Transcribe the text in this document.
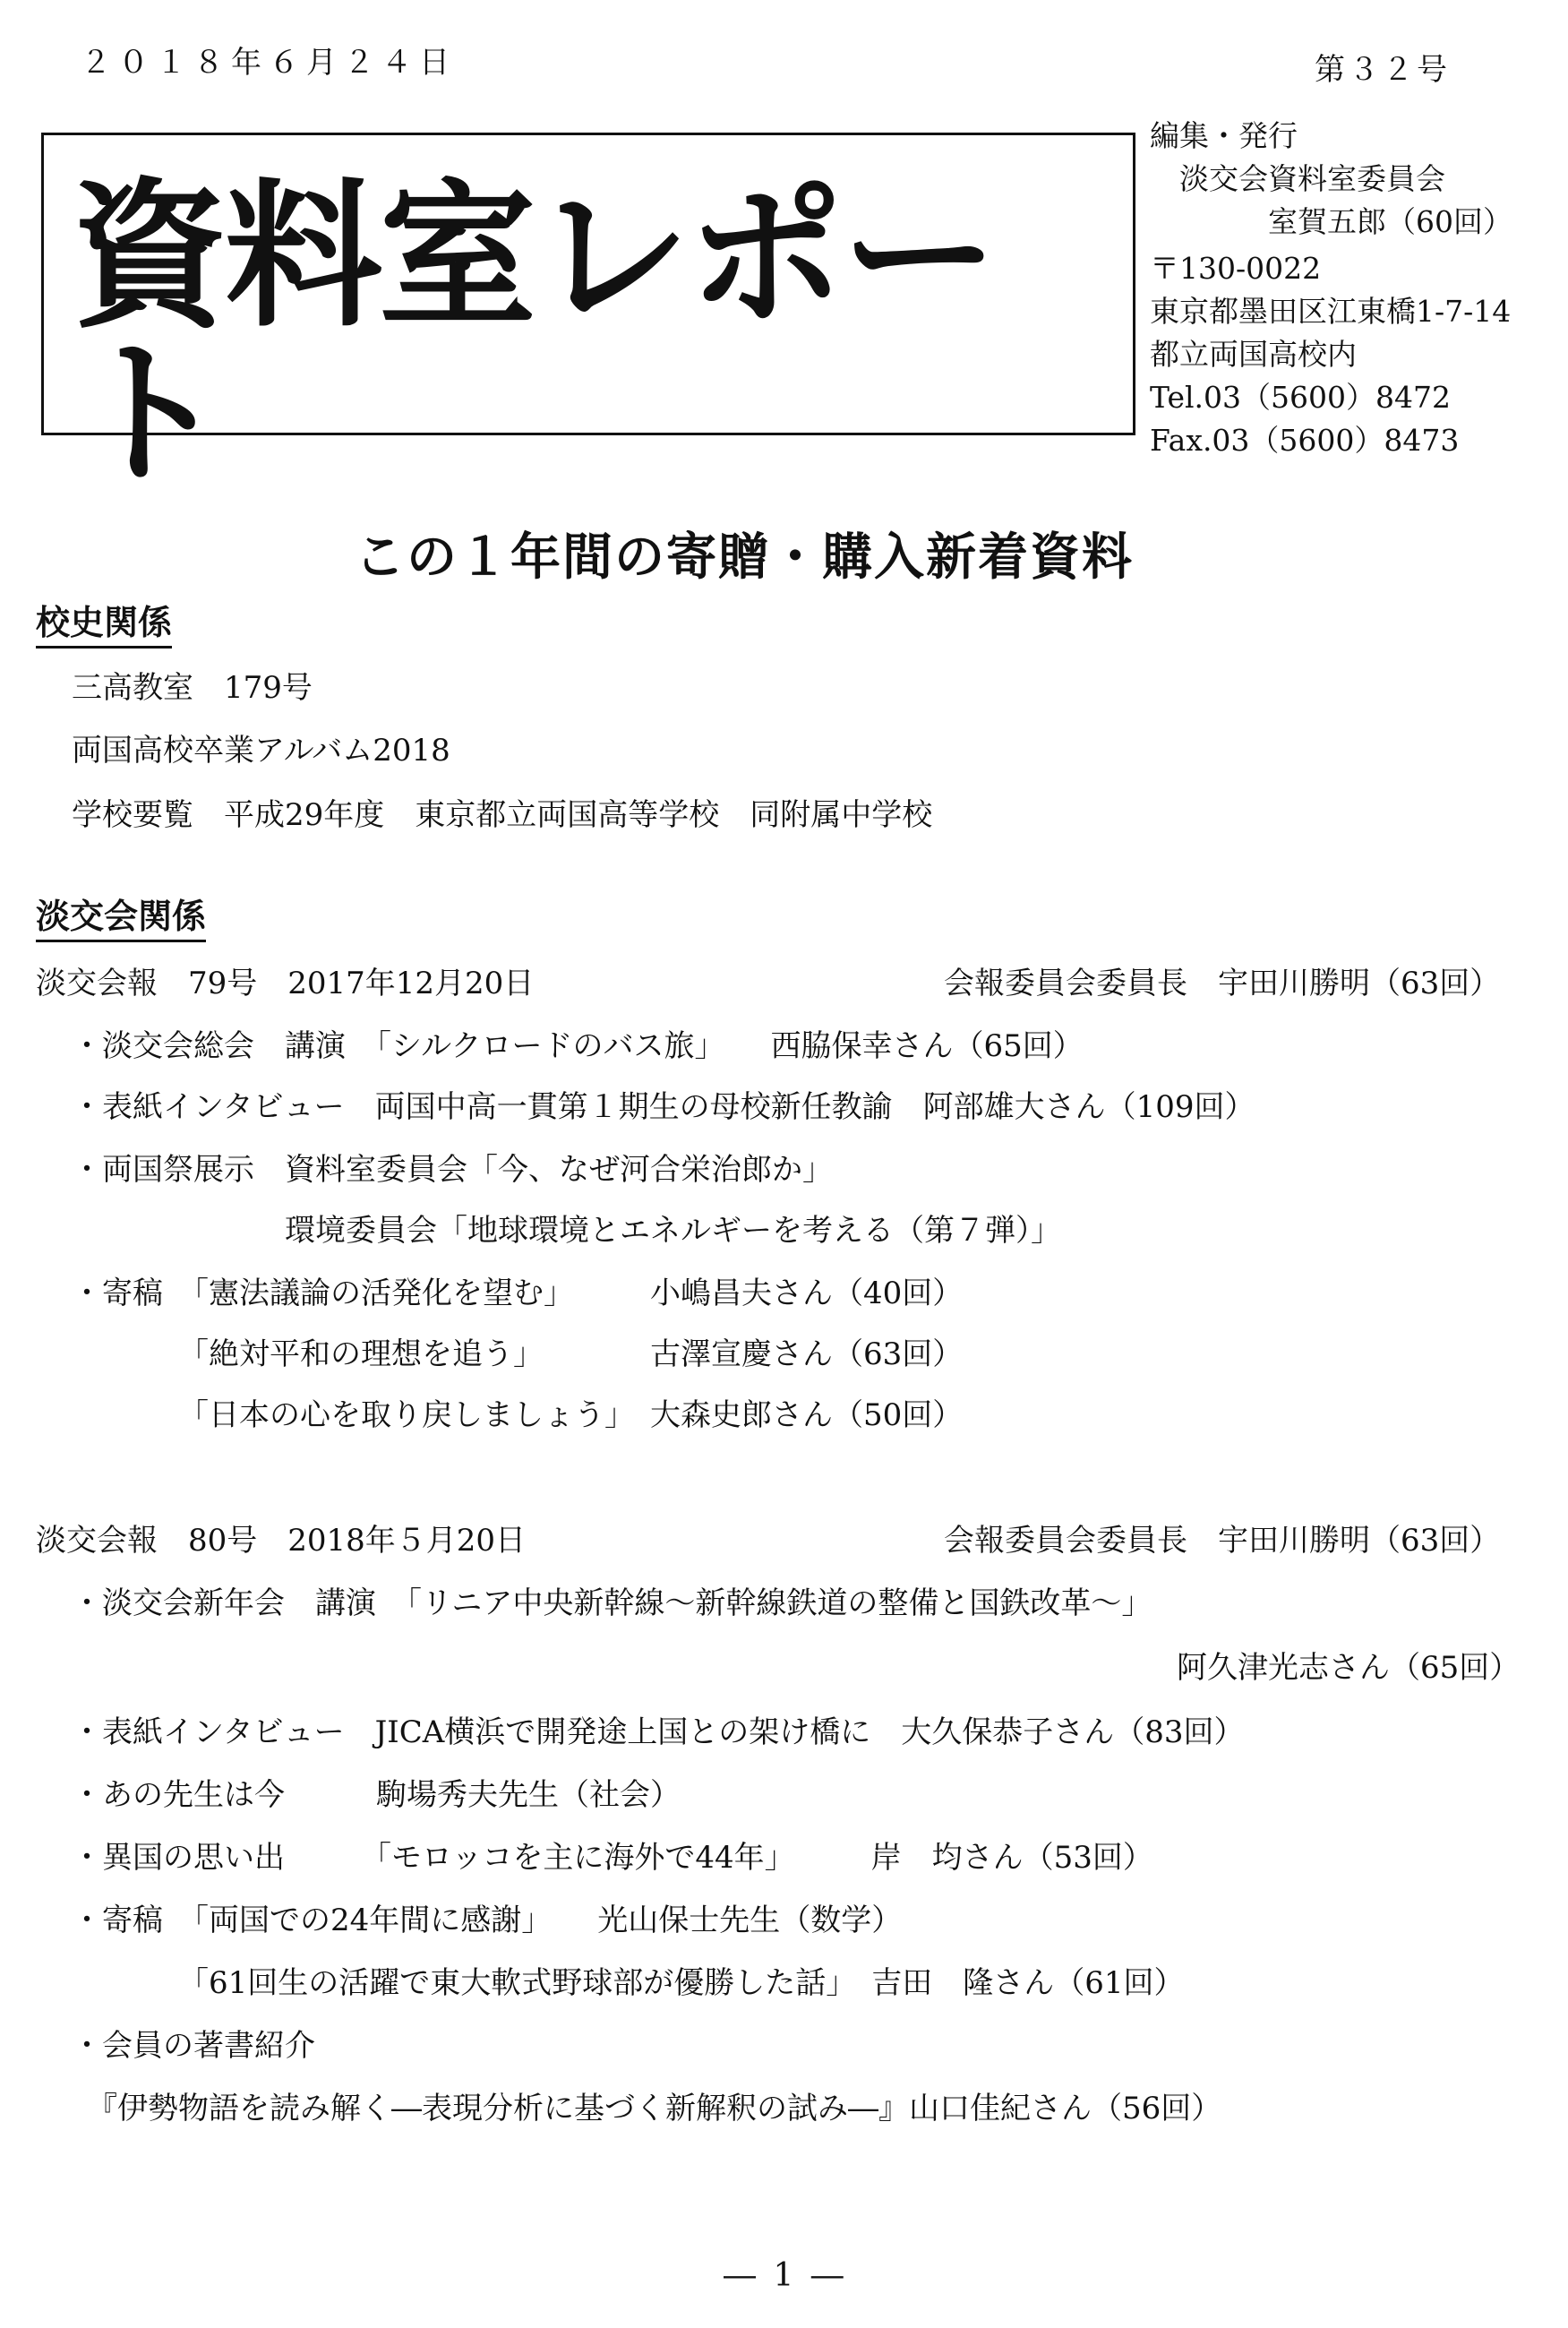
２０１８年６月２４日	第３２号
資料室レポート
編集・発行
　淡交会資料室委員会
　　　　室賀五郎（60回）
〒130-0022
東京都墨田区江東橋1-7-14
都立両国高校内
Tel.03（5600）8472
Fax.03（5600）8473
この１年間の寄贈・購入新着資料
校史関係
三高教室　179号
両国高校卒業アルバム2018
学校要覧　平成29年度　東京都立両国高等学校　同附属中学校
淡交会関係
淡交会報　79号　2017年12月20日	会報委員会委員長　宇田川勝明（63回）
・淡交会総会　講演　「シルクロードのバス旅」　　西脇保幸さん（65回）
・表紙インタビュー　両国中高一貫第１期生の母校新任教諭　阿部雄大さん（109回）
・両国祭展示　資料室委員会「今、なぜ河合栄治郎か」
　　　　　　　環境委員会「地球環境とエネルギーを考える（第７弾）」
・寄稿　「憲法議論の活発化を望む」　　　小嶋昌夫さん（40回）
　　　　「絶対平和の理想を追う」　　　　古澤宣慶さん（63回）
　　　　「日本の心を取り戻しましょう」　大森史郎さん（50回）
淡交会報　80号　2018年５月20日	会報委員会委員長　宇田川勝明（63回）
・淡交会新年会　講演　「リニア中央新幹線～新幹線鉄道の整備と国鉄改革～」
阿久津光志さん（65回）
・表紙インタビュー　JICA横浜で開発途上国との架け橋に　大久保恭子さん（83回）
・あの先生は今　　　駒場秀夫先生（社会）
・異国の思い出　　　「モロッコを主に海外で44年」　　　岸　均さん（53回）
・寄稿　「両国での24年間に感謝」　　光山保士先生（数学）
　　　　「61回生の活躍で東大軟式野球部が優勝した話」　吉田　隆さん（61回）
・会員の著書紹介
　『伊勢物語を読み解く―表現分析に基づく新解釈の試み―』山口佳紀さん（56回）
― 1 ―
